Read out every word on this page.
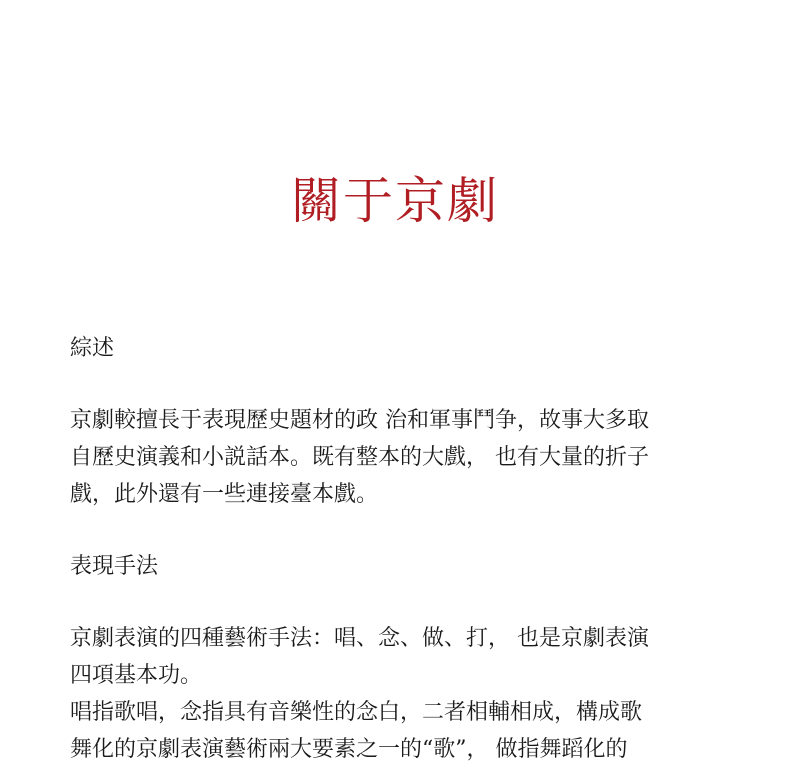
關于京劇

綜述

京劇較擅長于表現歷史題材的政 治和軍事鬥争，故事大多取

自歷史演義和小説話本。既有整本的大戲， 也有大量的折子

戲，此外還有一些連接臺本戲。

表現手法

京劇表演的四種藝術手法：唱、念、做、打， 也是京劇表演

四項基本功。

唱指歌唱，念指具有音樂性的念白，二者相輔相成，構成歌

舞化的京劇表演藝術兩大要素之一的“歌”， 做指舞蹈化的
